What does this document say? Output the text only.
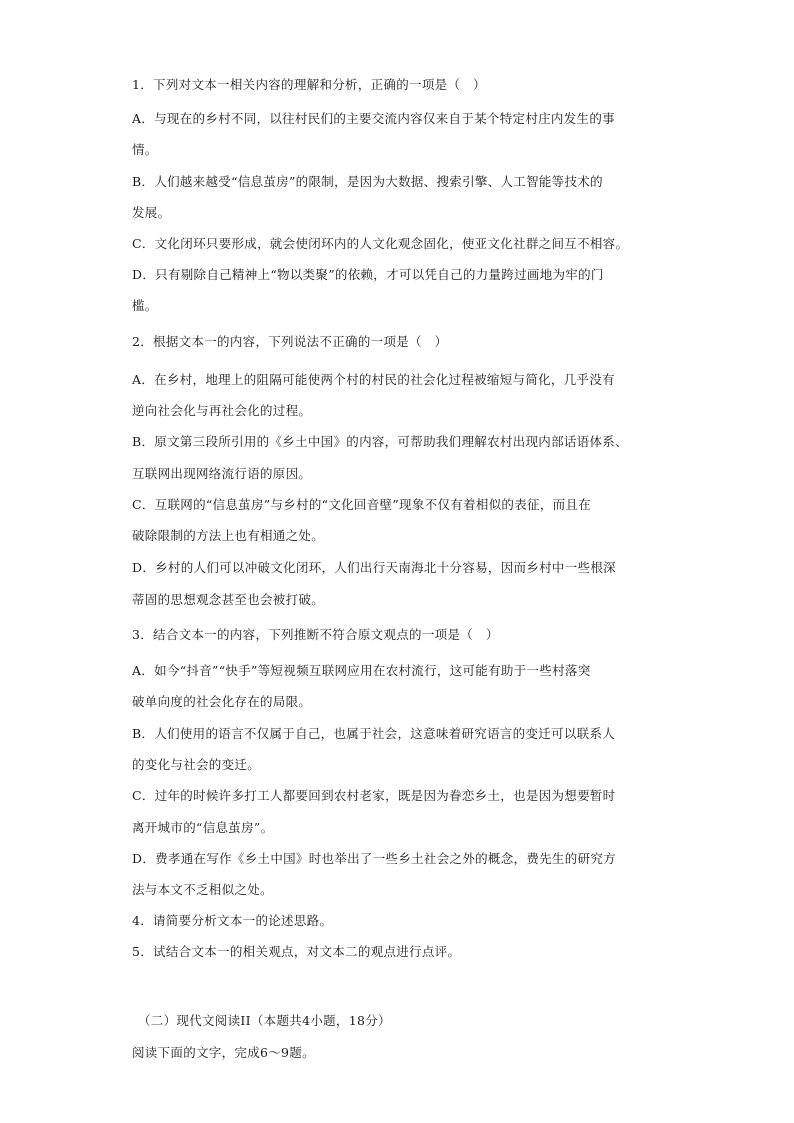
1．下列对文本一相关内容的理解和分析，正确的一项是（　）
A．与现在的乡村不同，以往村民们的主要交流内容仅来自于某个特定村庄内发生的事
情。
B．人们越来越受“信息茧房”的限制，是因为大数据、搜索引擎、人工智能等技术的
发展。
C．文化闭环只要形成，就会使闭环内的人文化观念固化，使亚文化社群之间互不相容。
D．只有剔除自己精神上“物以类聚”的依赖，才可以凭自己的力量跨过画地为牢的门
槛。
2．根据文本一的内容，下列说法不正确的一项是（　）
A．在乡村，地理上的阻隔可能使两个村的村民的社会化过程被缩短与简化，几乎没有
逆向社会化与再社会化的过程。
B．原文第三段所引用的《乡土中国》的内容，可帮助我们理解农村出现内部话语体系、
互联网出现网络流行语的原因。
C．互联网的“信息茧房”与乡村的“文化回音壁”现象不仅有着相似的表征，而且在
破除限制的方法上也有相通之处。
D．乡村的人们可以冲破文化闭环，人们出行天南海北十分容易，因而乡村中一些根深
蒂固的思想观念甚至也会被打破。
3．结合文本一的内容，下列推断不符合原文观点的一项是（　）
A．如今“抖音”“快手”等短视频互联网应用在农村流行，这可能有助于一些村落突
破单向度的社会化存在的局限。
B．人们使用的语言不仅属于自己，也属于社会，这意味着研究语言的变迁可以联系人
的变化与社会的变迁。
C．过年的时候许多打工人都要回到农村老家，既是因为眷恋乡土，也是因为想要暂时
离开城市的“信息茧房”。
D．费孝通在写作《乡土中国》时也举出了一些乡土社会之外的概念，费先生的研究方
法与本文不乏相似之处。
4．请简要分析文本一的论述思路。
5．试结合文本一的相关观点，对文本二的观点进行点评。
（二）现代文阅读II（本题共4小题，18分）
阅读下面的文字，完成6～9题。
